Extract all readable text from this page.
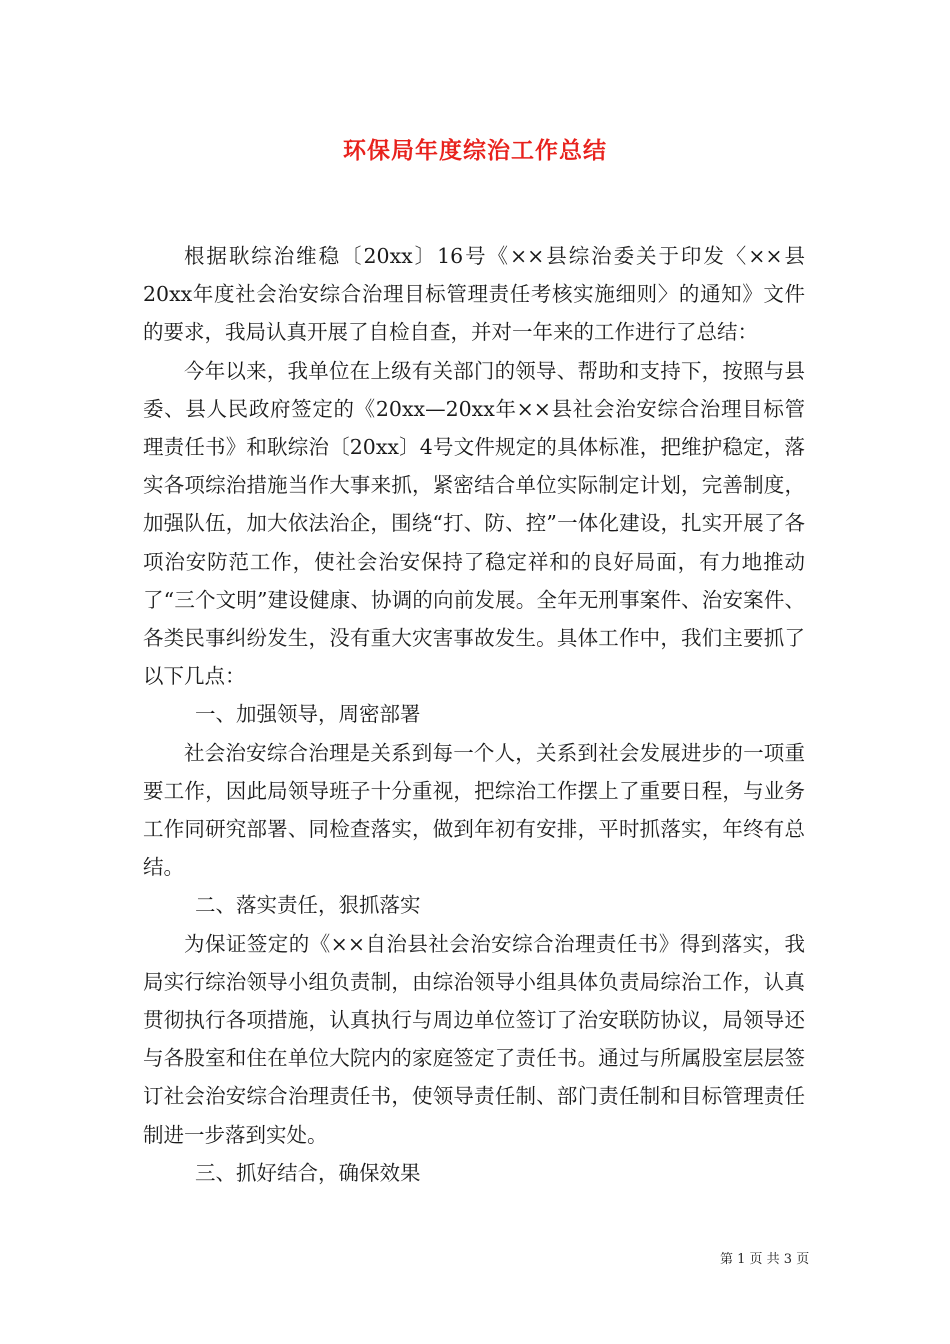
环保局年度综治工作总结

根据耿综治维稳〔20xx〕16号《××县综治委关于印发〈××县20xx年度社会治安综合治理目标管理责任考核实施细则〉的通知》文件的要求，我局认真开展了自检自查，并对一年来的工作进行了总结：

今年以来，我单位在上级有关部门的领导、帮助和支持下，按照与县委、县人民政府签定的《20xx—20xx年××县社会治安综合治理目标管理责任书》和耿综治〔20xx〕4号文件规定的具体标准，把维护稳定，落实各项综治措施当作大事来抓，紧密结合单位实际制定计划，完善制度，加强队伍，加大依法治企，围绕“打、防、控”一体化建设，扎实开展了各项治安防范工作，使社会治安保持了稳定祥和的良好局面，有力地推动了“三个文明”建设健康、协调的向前发展。全年无刑事案件、治安案件、各类民事纠纷发生，没有重大灾害事故发生。具体工作中，我们主要抓了以下几点：

一、加强领导，周密部署

社会治安综合治理是关系到每一个人，关系到社会发展进步的一项重要工作，因此局领导班子十分重视，把综治工作摆上了重要日程，与业务工作同研究部署、同检查落实，做到年初有安排，平时抓落实，年终有总结。

二、落实责任，狠抓落实

为保证签定的《××自治县社会治安综合治理责任书》得到落实，我局实行综治领导小组负责制，由综治领导小组具体负责局综治工作，认真贯彻执行各项措施，认真执行与周边单位签订了治安联防协议，局领导还与各股室和住在单位大院内的家庭签定了责任书。通过与所属股室层层签订社会治安综合治理责任书，使领导责任制、部门责任制和目标管理责任制进一步落到实处。

三、抓好结合，确保效果

第 1 页 共 3 页
